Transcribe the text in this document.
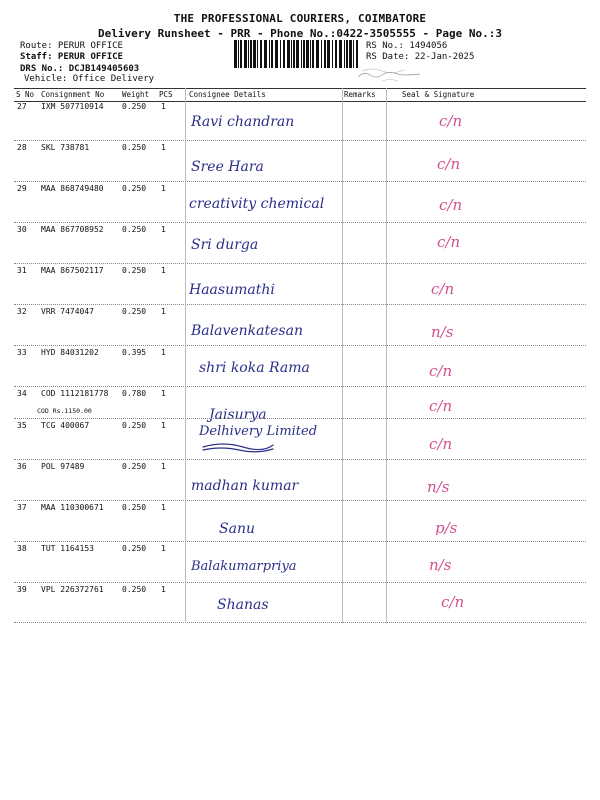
THE PROFESSIONAL COURIERS, COIMBATORE
Delivery Runsheet - PRR - Phone No.:0422-3505555 - Page No.:3
Route: PERUR OFFICE
Staff: PERUR OFFICE
DRS No.: DCJB149405603
Vehicle: Office Delivery
RS No.: 1494056
RS Date: 22-Jan-2025
S No Consignment No Weight PCS Consignee Details	Remarks	Seal & Signature
27 IXM 507710914 0.250 1
Ravi chandran	c/n
28 SKL 738781	0.250 1
Sree Hara	c/n
29 MAA 868749480 0.250 1
creativity chemical	c/n
30 MAA 867708952 0.250 1
Sri durga	c/n
31 MAA 867502117 0.250 1
Haasumathi	c/n
32 VRR 7474047	0.250 1
Balavenkatesan	n/s
33 HYD 84031202	0.395 1
shri koka Rama	c/n
34 COD 1112181778 0.780 1
COD Rs.1150.00	Jaisurya	c/n
35 TCG 400067	0.250 1	Delhivery Limited
c/n
36 POL 97489	0.250 1
madhan kumar	n/s
37 MAA 110300671 0.250 1
Sanu	p/s
38 TUT 1164153	0.250 1
Balakumarpriya	n/s
39 VPL 226372761 0.250 1
Shanas	c/n
